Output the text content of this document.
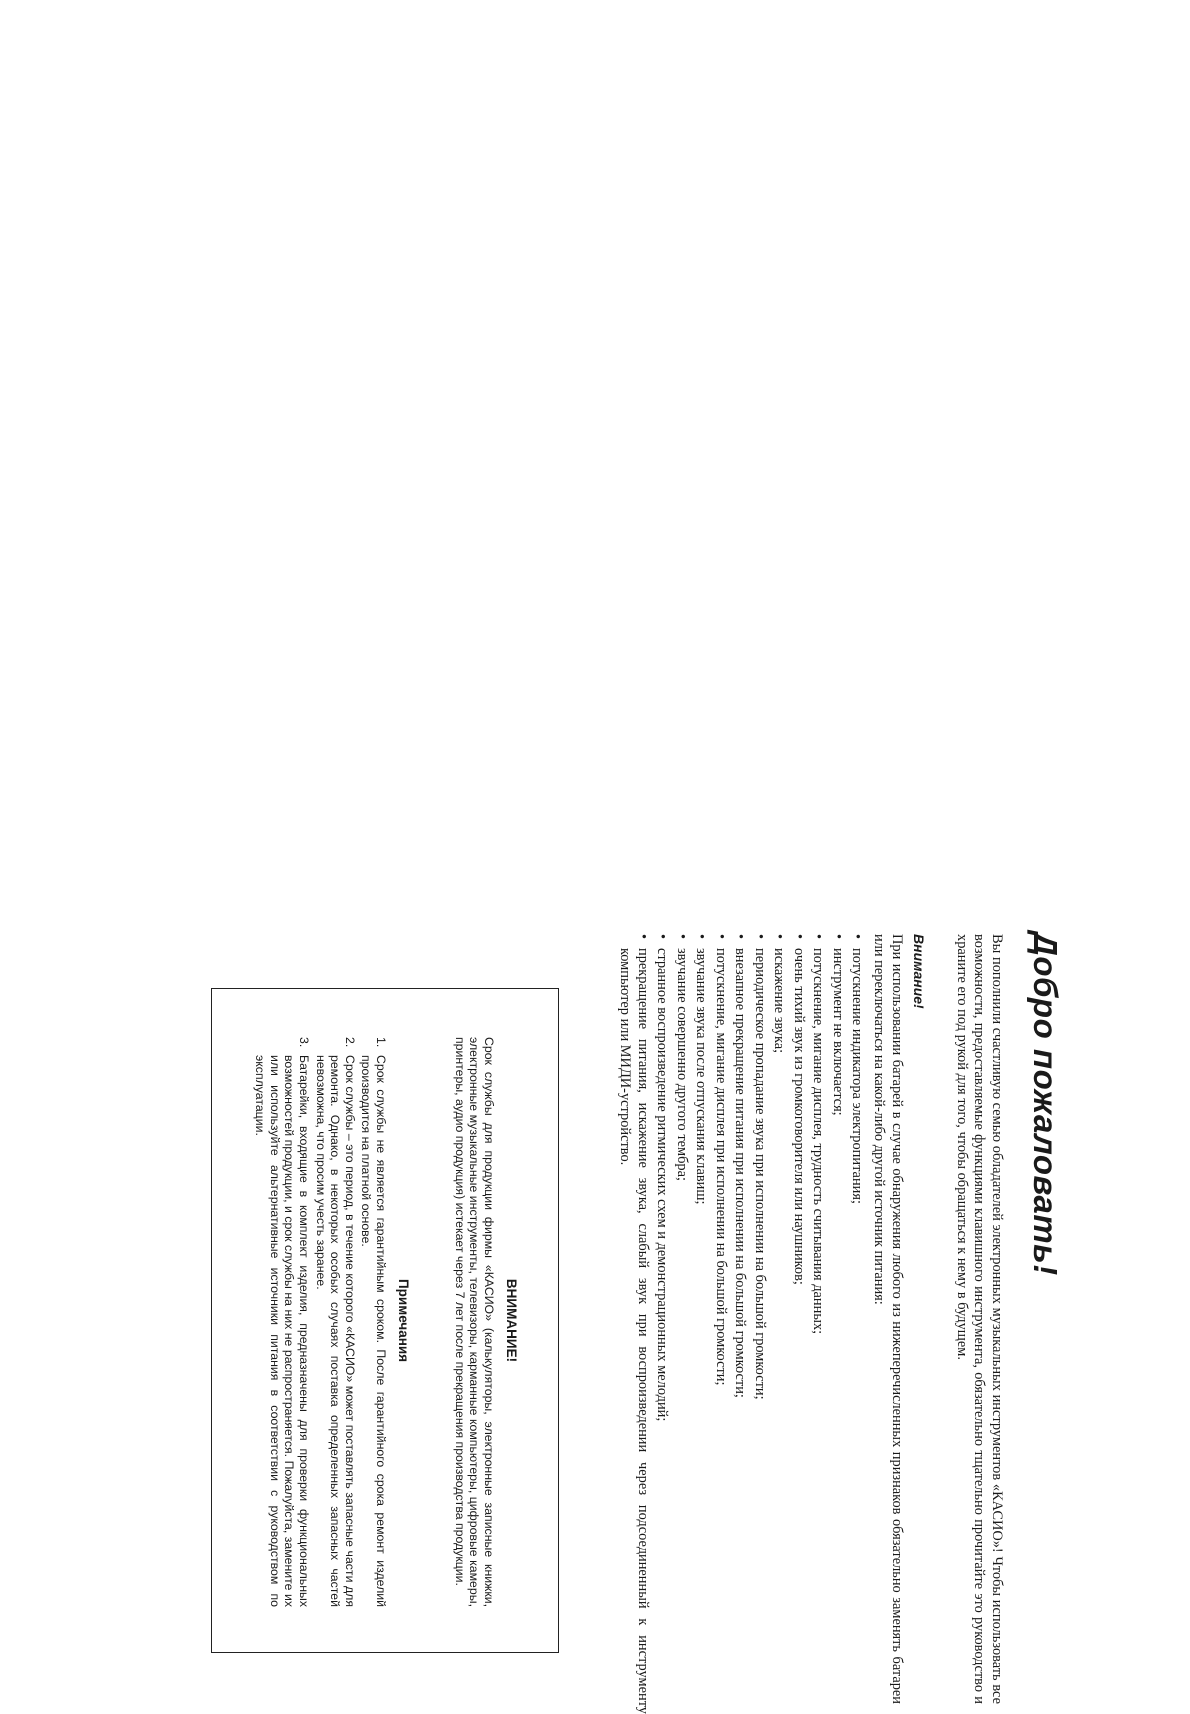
Добро пожаловать!

Вы пополнили счастливую семью обладателей электронных музыкальных инструментов «КАСИО»! Чтобы использовать все возможности, предоставляемые функциями клавишного инструмента, обязательно тщательно прочитайте это руководство и храните его под рукой для того, чтобы обращаться к нему в будущем.

Внимание!

При использовании батарей в случае обнаружения любого из нижеперечисленных признаков обязательно заменять батареи или переключаться на какой-либо другой источник питания:

• потускнение индикатора электропитания;
• инструмент не включается;
• потускнение, мигание дисплея, трудность считывания данных;
• очень тихий звук из громкоговорителя или наушников;
• искажение звука;
• периодическое пропадание звука при исполнении на большой громкости;
• внезапное прекращение питания при исполнении на большой громкости;
• потускнение, мигание дисплея при исполнении на большой громкости;
• звучание звука после отпускания клавиш;
• звучание совершенно другого тембра;
• странное воспроизведение ритмических схем и демонстрационных мелодий;
• прекращение питания, искажение звука, слабый звук при воспроизведении через подсоединенный к инструменту компьютер или МИДИ-устройство.
ВНИМАНИЕ!

Срок службы для продукции фирмы «КАСИО» (калькуляторы, электронные записные книжки, электронные музыкальные инструменты, телевизоры, карманные компьютеры, цифровые камеры, принтеры, аудио продукция) истекает через 7 лет после прекращения производства продукции.

Примечания
1.
Срок службы не является гарантийным сроком. После гарантийного срока ремонт изделий производится на платной основе.
2.
Срок службы – это период, в течение которого «КАСИО» может поставлять запасные части для ремонта. Однако, в некоторых особых случаях поставка определенных запасных частей невозможна, что просим учесть заранее.
3.
Батарейки, входящие в комплект изделия, предназначены для проверки функциональных возможностей продукции, и срок службы на них не распространяется. Пожалуйста, замените их или используйте альтернативные источники питания в соответствии с руководством по эксплуатации.
